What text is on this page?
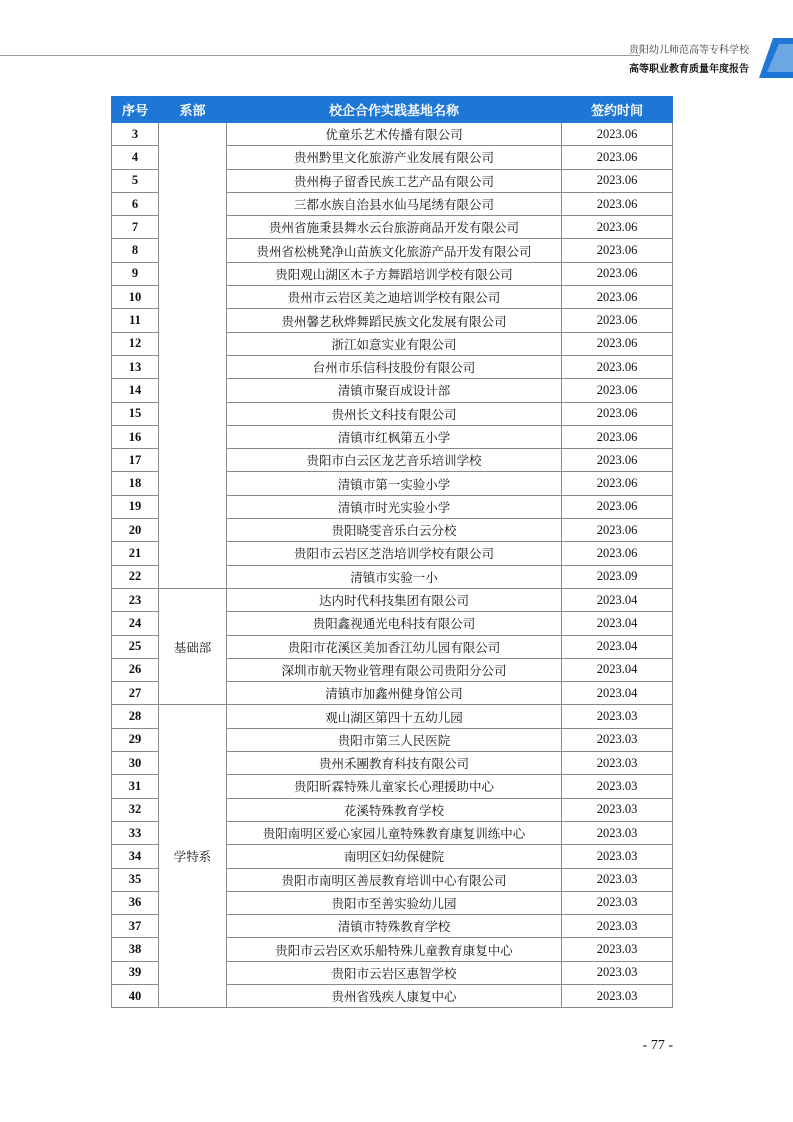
贵阳幼儿师范高等专科学校
高等职业教育质量年度报告
序号	系部	校企合作实践基地名称	签约时间
3		优童乐艺术传播有限公司	2023.06
4		贵州黔里文化旅游产业发展有限公司	2023.06
5		贵州梅子留香民族工艺产品有限公司	2023.06
6		三都水族自治县水仙马尾绣有限公司	2023.06
7		贵州省施秉县舞水云台旅游商品开发有限公司	2023.06
8		贵州省松桃凳净山苗族文化旅游产品开发有限公司	2023.06
9		贵阳观山湖区木子方舞蹈培训学校有限公司	2023.06
10		贵州市云岩区美之迪培训学校有限公司	2023.06
11		贵州馨艺秋烨舞蹈民族文化发展有限公司	2023.06
12		浙江如意实业有限公司	2023.06
13		台州市乐信科技股份有限公司	2023.06
14		清镇市聚百成设计部	2023.06
15		贵州长文科技有限公司	2023.06
16		清镇市红枫第五小学	2023.06
17		贵阳市白云区龙艺音乐培训学校	2023.06
18		清镇市第一实验小学	2023.06
19		清镇市时光实验小学	2023.06
20		贵阳晓雯音乐白云分校	2023.06
21		贵阳市云岩区芝浩培训学校有限公司	2023.06
22		清镇市实验一小	2023.09
23	基础部	达内时代科技集团有限公司	2023.04
24		贵阳鑫视通光电科技有限公司	2023.04
25		贵阳市花溪区美加香江幼儿园有限公司	2023.04
26		深圳市航天物业管理有限公司贵阳分公司	2023.04
27		清镇市加鑫州健身馆公司	2023.04
28	学特系	观山湖区第四十五幼儿园	2023.03
29		贵阳市第三人民医院	2023.03
30		贵州禾團教育科技有限公司	2023.03
31		贵阳昕霖特殊儿童家长心理援助中心	2023.03
32		花溪特殊教育学校	2023.03
33		贵阳南明区爱心家园儿童特殊教育康复训练中心	2023.03
34		南明区妇幼保健院	2023.03
35		贵阳市南明区善辰教育培训中心有限公司	2023.03
36		贵阳市至善实验幼儿园	2023.03
37		清镇市特殊教育学校	2023.03
38		贵阳市云岩区欢乐船特殊儿童教育康复中心	2023.03
39		贵阳市云岩区惠智学校	2023.03
40		贵州省残疾人康复中心	2023.03
- 77 -
